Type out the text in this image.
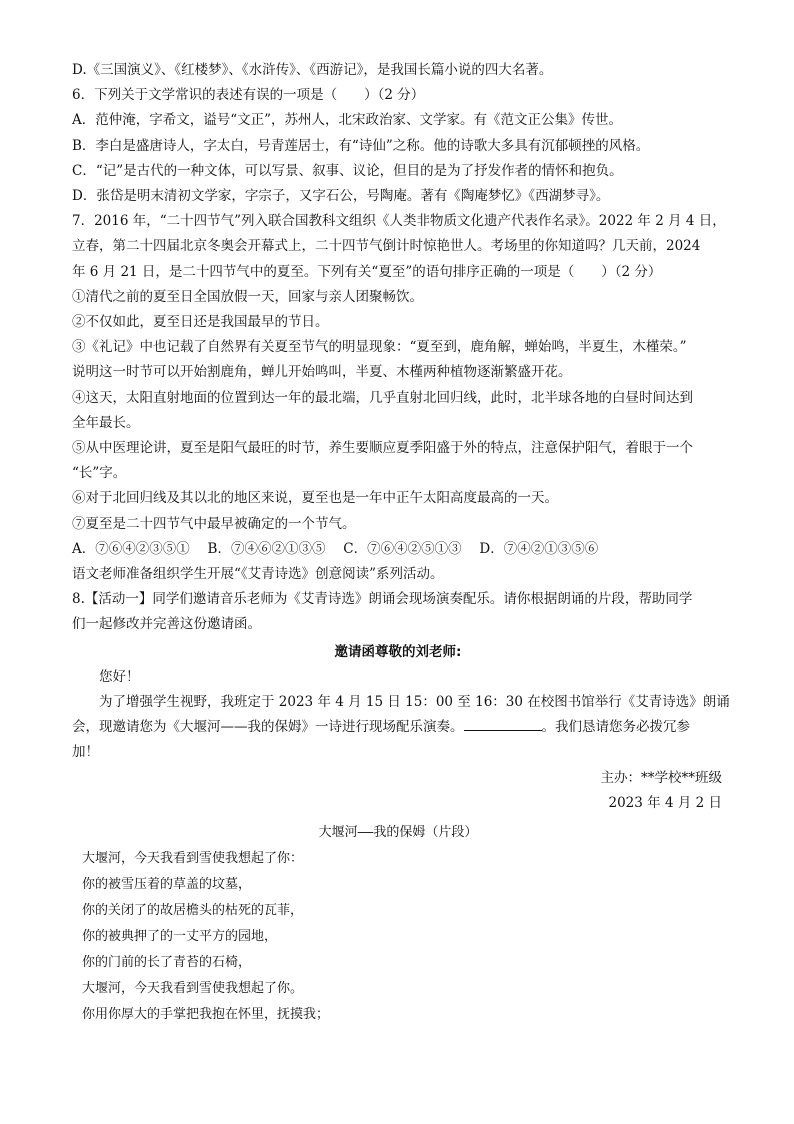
D.《三国演义》、《红楼梦》、《水浒传》、《西游记》，是我国长篇小说的四大名著。
6．下列关于文学常识的表述有误的一项是（　　）（2 分）
A．范仲淹，字希文，谥号“文正”，苏州人，北宋政治家、文学家。有《范文正公集》传世。
B．李白是盛唐诗人，字太白，号青莲居士，有“诗仙”之称。他的诗歌大多具有沉郁顿挫的风格。
C．“记”是古代的一种文体，可以写景、叙事、议论，但目的是为了抒发作者的情怀和抱负。
D．张岱是明末清初文学家，字宗子，又字石公，号陶庵。著有《陶庵梦忆》《西湖梦寻》。
7．2016 年，“二十四节气”列入联合国教科文组织《人类非物质文化遗产代表作名录》。2022 年 2 月 4 日，
立春，第二十四届北京冬奥会开幕式上，二十四节气倒计时惊艳世人。考场里的你知道吗？几天前，2024
年 6 月 21 日，是二十四节气中的夏至。下列有关“夏至”的语句排序正确的一项是（　　）（2 分）
①清代之前的夏至日全国放假一天，回家与亲人团聚畅饮。
②不仅如此，夏至日还是我国最早的节日。
③《礼记》中也记载了自然界有关夏至节气的明显现象：“夏至到，鹿角解，蝉始鸣，半夏生，木槿荣。”
说明这一时节可以开始割鹿角，蝉儿开始鸣叫，半夏、木槿两种植物逐渐繁盛开花。
④这天，太阳直射地面的位置到达一年的最北端，几乎直射北回归线，此时，北半球各地的白昼时间达到
全年最长。
⑤从中医理论讲，夏至是阳气最旺的时节，养生要顺应夏季阳盛于外的特点，注意保护阳气，着眼于一个
“长”字。
⑥对于北回归线及其以北的地区来说，夏至也是一年中正午太阳高度最高的一天。
⑦夏至是二十四节气中最早被确定的一个节气。
A．⑦⑥④②③⑤①　 B．⑦④⑥②①③⑤　 C．⑦⑥④②⑤①③　 D．⑦④②①③⑤⑥
语文老师准备组织学生开展“《艾青诗选》创意阅读”系列活动。
8.【活动一】同学们邀请音乐老师为《艾青诗选》朗诵会现场演奏配乐。请你根据朗诵的片段，帮助同学
们一起修改并完善这份邀请函。
邀请函尊敬的刘老师:
您好！
为了增强学生视野，我班定于 2023 年 4 月 15 日 15：00 至 16：30 在校图书馆举行《艾青诗选》朗诵
会，现邀请您为《大堰河——我的保姆》一诗进行现场配乐演奏。	。我们恳请您务必拨冗参
加！
主办：**学校**班级
2023 年 4 月 2 日
大堰河——我的保姆（片段）
大堰河，今天我看到雪使我想起了你：
你的被雪压着的草盖的坟墓，
你的关闭了的故居檐头的枯死的瓦菲，
你的被典押了的一丈平方的园地，
你的门前的长了青苔的石椅，
大堰河，今天我看到雪使我想起了你。
你用你厚大的手掌把我抱在怀里，抚摸我；
